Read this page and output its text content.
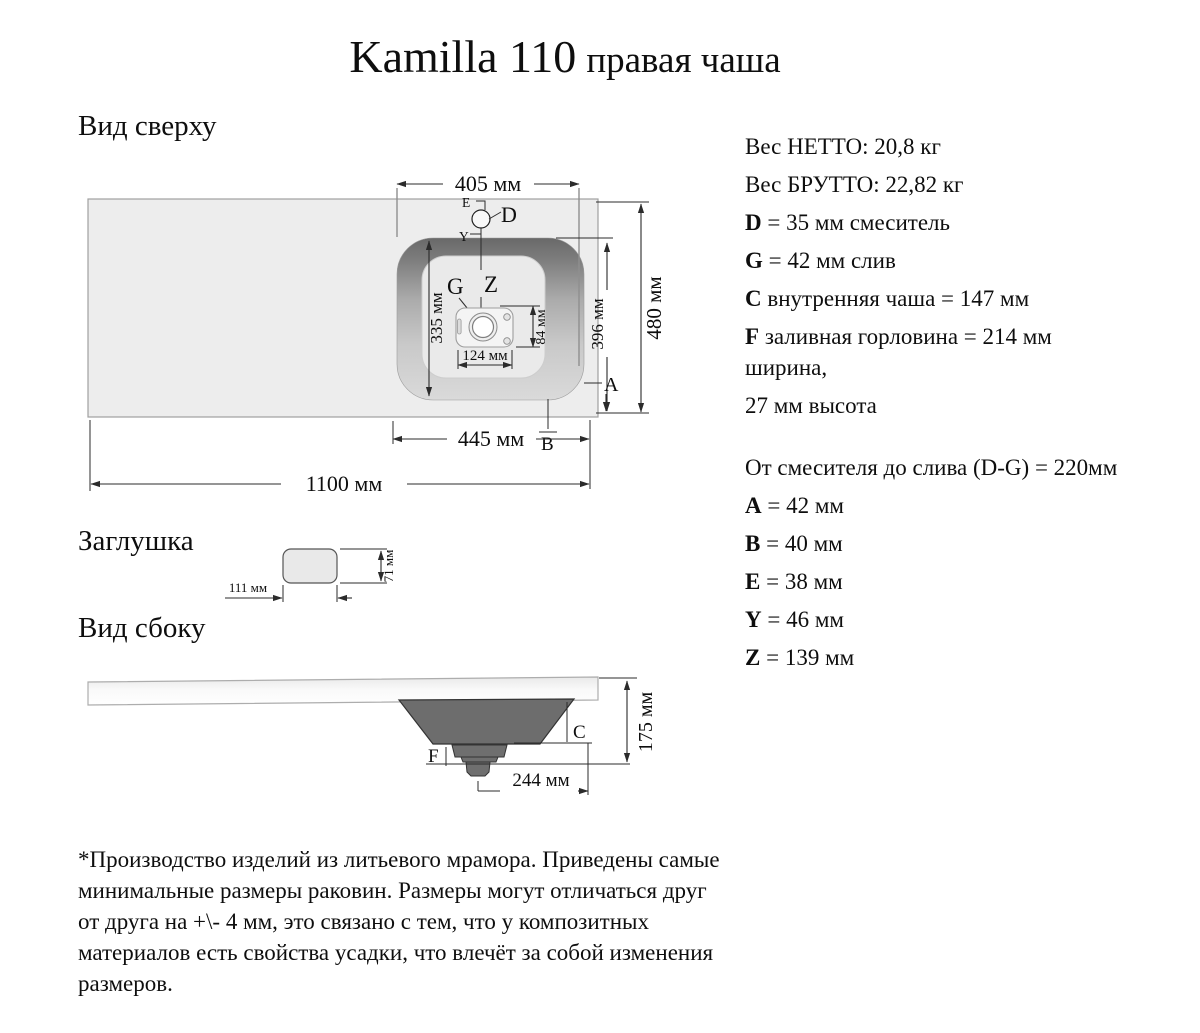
Kamilla 110 правая чаша
Вид сверху
Заглушка
Вид сбоку
E D
Y
Z
G
335 мм
124 мм
84 мм
405 мм
480 мм
396 мм
A
B
445 мм
1100 мм
111 мм
71 мм
C
F
175 мм
244 мм

Вес НЕТТО: 20,8 кг

Вес БРУТТО: 22,82 кг

D = 35 мм смеситель

G = 42 мм слив

C внутренняя чаша = 147 мм

F заливная горловина = 214 мм

ширина,

27 мм высота

От смесителя до слива (D-G) = 220мм

A = 42 мм

B = 40 мм

E = 38 мм

Y = 46 мм

Z = 139 мм

*Производство изделий из литьевого мрамора. Приведены самые минимальные размеры раковин. Размеры могут отличаться друг от друга на +\- 4 мм, это связано с тем, что у композитных материалов есть свойства усадки, что влечёт за собой изменения размеров.
